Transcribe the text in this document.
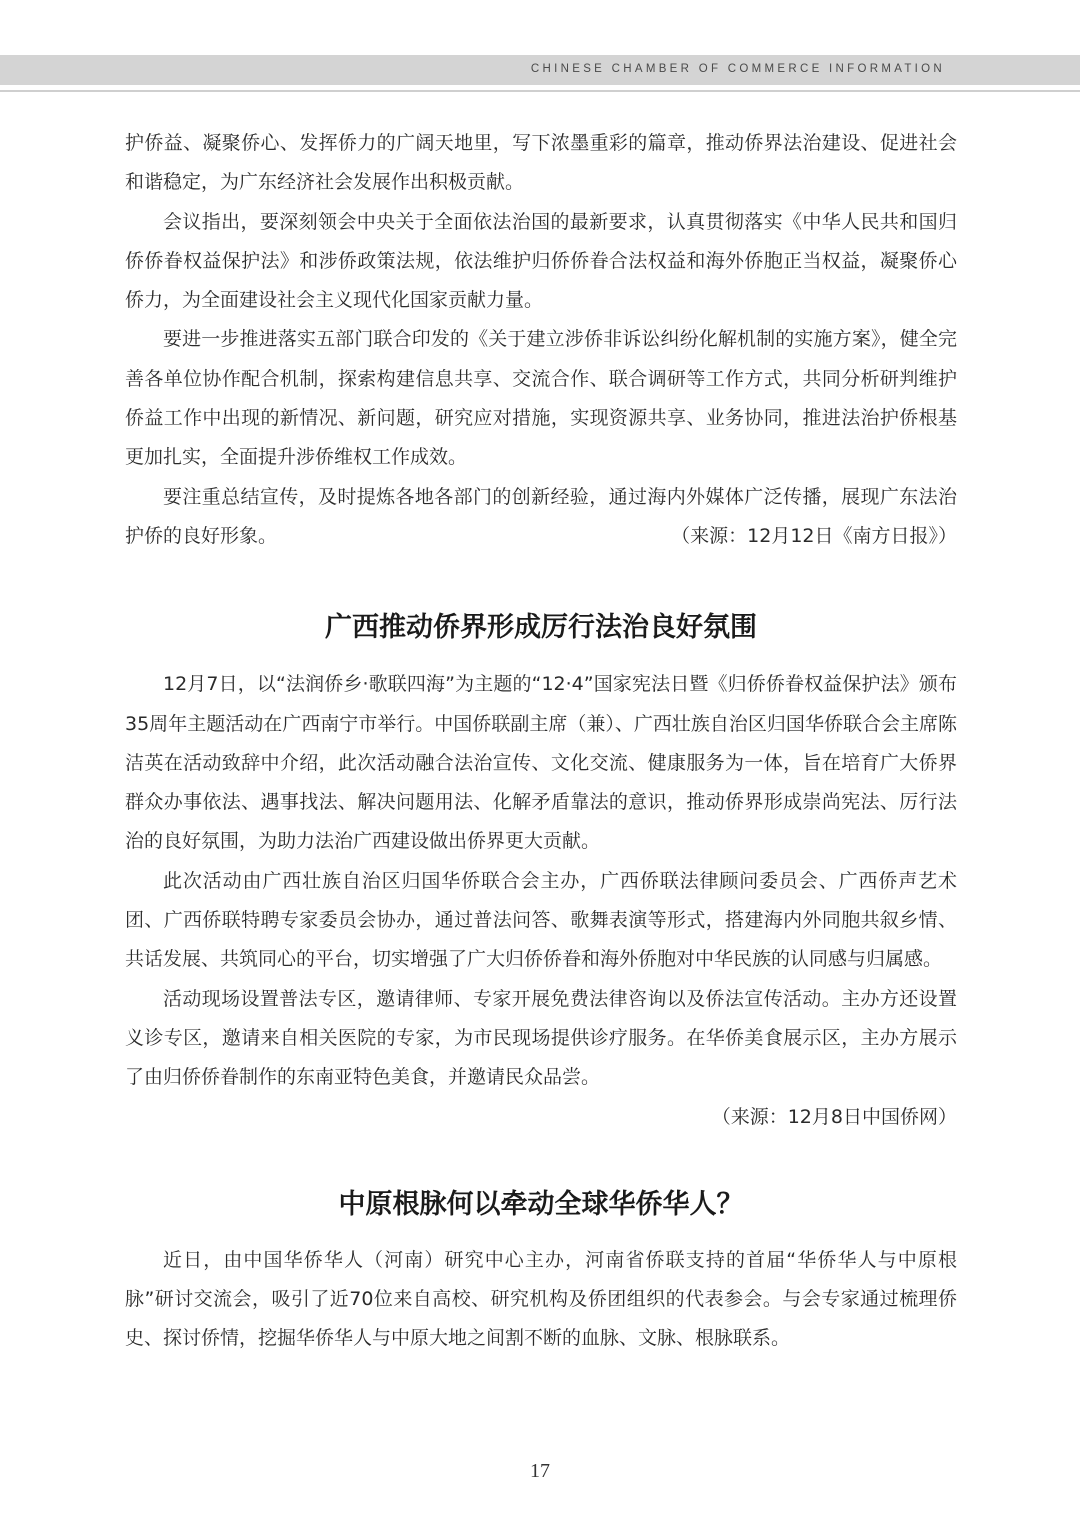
CHINESE CHAMBER OF COMMERCE INFORMATION

护侨益、凝聚侨心、发挥侨力的广阔天地里，写下浓墨重彩的篇章，推动侨界法治建设、促进社会和谐稳定，为广东经济社会发展作出积极贡献。

会议指出，要深刻领会中央关于全面依法治国的最新要求，认真贯彻落实《中华人民共和国归侨侨眷权益保护法》和涉侨政策法规，依法维护归侨侨眷合法权益和海外侨胞正当权益，凝聚侨心侨力，为全面建设社会主义现代化国家贡献力量。

要进一步推进落实五部门联合印发的《关于建立涉侨非诉讼纠纷化解机制的实施方案》，健全完善各单位协作配合机制，探索构建信息共享、交流合作、联合调研等工作方式，共同分析研判维护侨益工作中出现的新情况、新问题，研究应对措施，实现资源共享、业务协同，推进法治护侨根基更加扎实，全面提升涉侨维权工作成效。

要注重总结宣传，及时提炼各地各部门的创新经验，通过海内外媒体广泛传播，展现广东法治护侨的良好形象。	（来源：12月12日《南方日报》）
广西推动侨界形成厉行法治良好氛围

12月7日，以“法润侨乡·歌联四海”为主题的“12·4”国家宪法日暨《归侨侨眷权益保护法》颁布35周年主题活动在广西南宁市举行。中国侨联副主席（兼）、广西壮族自治区归国华侨联合会主席陈洁英在活动致辞中介绍，此次活动融合法治宣传、文化交流、健康服务为一体，旨在培育广大侨界群众办事依法、遇事找法、解决问题用法、化解矛盾靠法的意识，推动侨界形成崇尚宪法、厉行法治的良好氛围，为助力法治广西建设做出侨界更大贡献。

此次活动由广西壮族自治区归国华侨联合会主办，广西侨联法律顾问委员会、广西侨声艺术团、广西侨联特聘专家委员会协办，通过普法问答、歌舞表演等形式，搭建海内外同胞共叙乡情、共话发展、共筑同心的平台，切实增强了广大归侨侨眷和海外侨胞对中华民族的认同感与归属感。

活动现场设置普法专区，邀请律师、专家开展免费法律咨询以及侨法宣传活动。主办方还设置义诊专区，邀请来自相关医院的专家，为市民现场提供诊疗服务。在华侨美食展示区，主办方展示了由归侨侨眷制作的东南亚特色美食，并邀请民众品尝。

（来源：12月8日中国侨网）

中原根脉何以牵动全球华侨华人？

近日，由中国华侨华人（河南）研究中心主办，河南省侨联支持的首届“华侨华人与中原根脉”研讨交流会，吸引了近70位来自高校、研究机构及侨团组织的代表参会。与会专家通过梳理侨史、探讨侨情，挖掘华侨华人与中原大地之间割不断的血脉、文脉、根脉联系。

17
